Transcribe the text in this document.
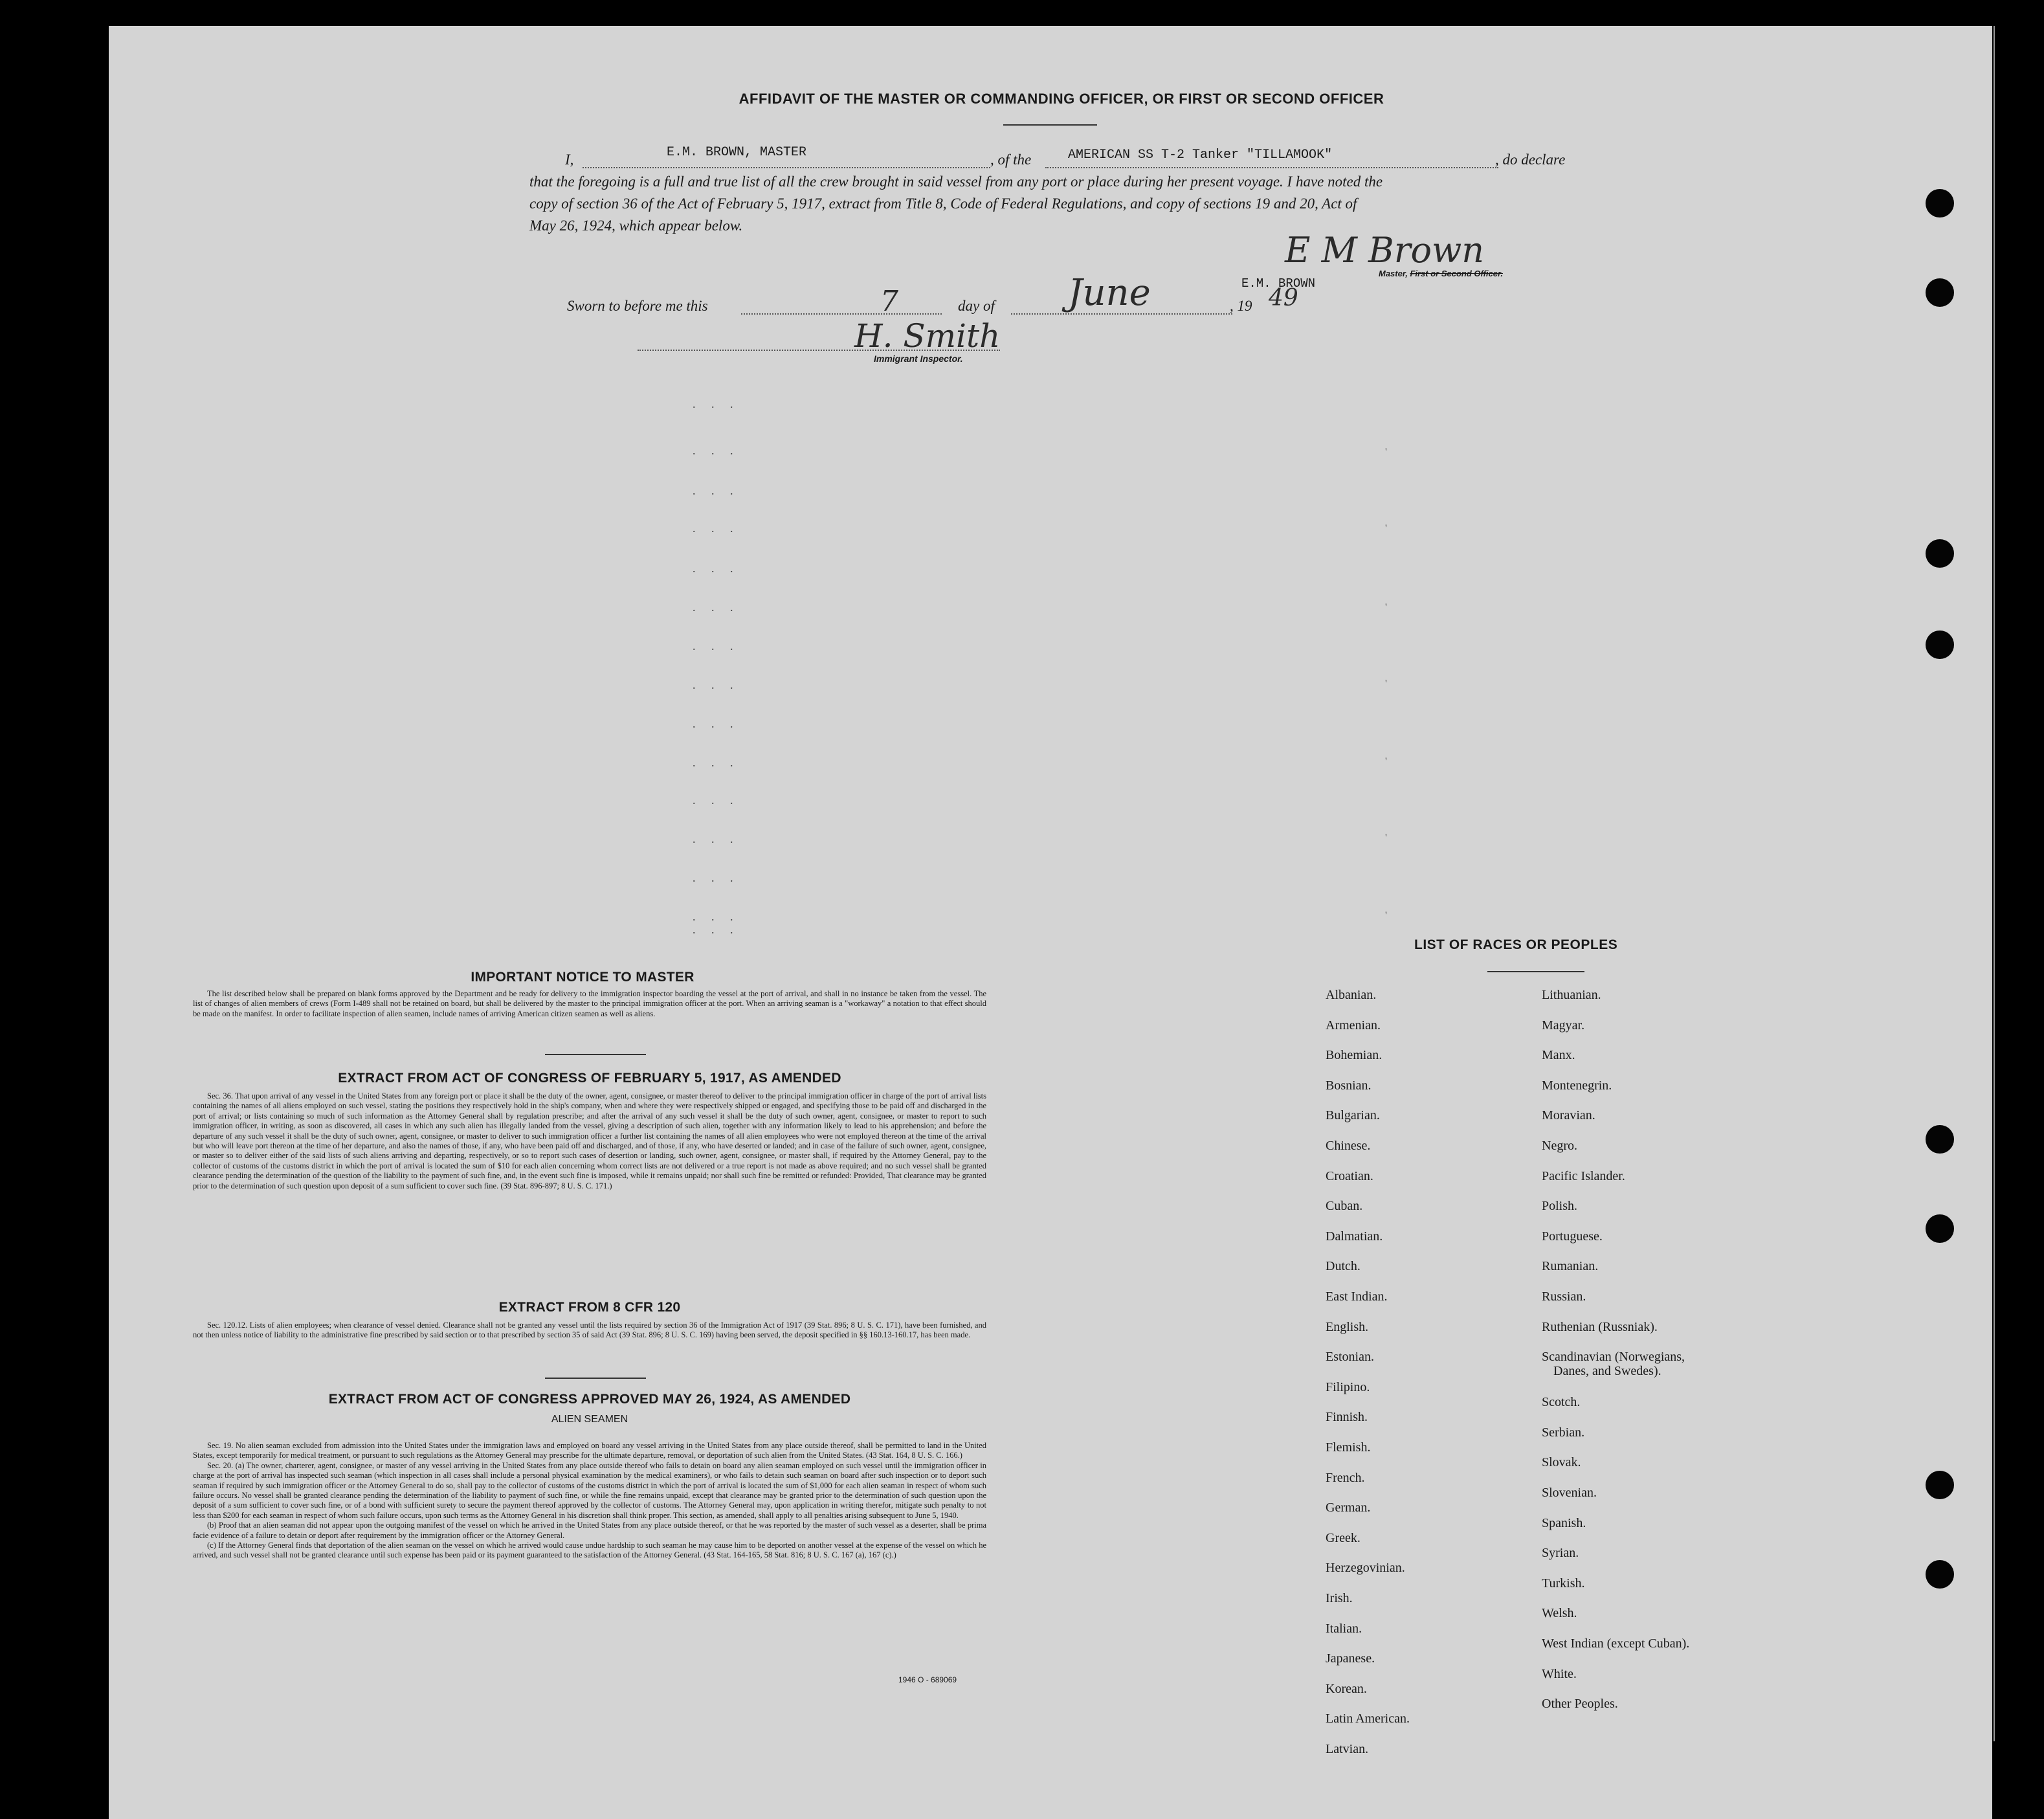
AFFIDAVIT OF THE MASTER OR COMMANDING OFFICER, OR FIRST OR SECOND OFFICER
I,	E.M. BROWN, MASTER	, of the	AMERICAN SS T-2 Tanker "TILLAMOOK"	, do declare
that the foregoing is a full and true list of all the crew brought in said vessel from any port or place during her present voyage. I have noted the
copy of section 36 of the Act of February 5, 1917, extract from Title 8, Code of Federal Regulations, and copy of sections 19 and 20, Act of
May 26, 1924, which appear below.
E M Brown
Master, First or Second Officer.
E.M. BROWN
Sworn to before me this	7	day of June	, 19 49
H. Smith
Immigrant Inspector.
. . .
. . .
. . .
. . .
. . .
. . .
. . .
. . .
. . .
. . .
. . .
. . .
. . .
. . .
. . .
'
'
'
'
'
'
'
IMPORTANT NOTICE TO MASTER

The list described below shall be prepared on blank forms approved by the Department and be ready for delivery to the immigration inspector boarding the vessel at the port of arrival, and shall in no instance be taken from the vessel. The list of changes of alien members of crews (Form I-489 shall not be retained on board, but shall be delivered by the master to the principal immigration officer at the port. When an arriving seaman is a "workaway" a notation to that effect should be made on the manifest. In order to facilitate inspection of alien seamen, include names of arriving American citizen seamen as well as aliens.

EXTRACT FROM ACT OF CONGRESS OF FEBRUARY 5, 1917, AS AMENDED

Sec. 36. That upon arrival of any vessel in the United States from any foreign port or place it shall be the duty of the owner, agent, consignee, or master thereof to deliver to the principal immigration officer in charge of the port of arrival lists containing the names of all aliens employed on such vessel, stating the positions they respectively hold in the ship's company, when and where they were respectively shipped or engaged, and specifying those to be paid off and discharged in the port of arrival; or lists containing so much of such information as the Attorney General shall by regulation prescribe; and after the arrival of any such vessel it shall be the duty of such owner, agent, consignee, or master to report to such immigration officer, in writing, as soon as discovered, all cases in which any such alien has illegally landed from the vessel, giving a description of such alien, together with any information likely to lead to his apprehension; and before the departure of any such vessel it shall be the duty of such owner, agent, consignee, or master to deliver to such immigration officer a further list containing the names of all alien employees who were not employed thereon at the time of the arrival but who will leave port thereon at the time of her departure, and also the names of those, if any, who have been paid off and discharged, and of those, if any, who have deserted or landed; and in case of the failure of such owner, agent, consignee, or master so to deliver either of the said lists of such aliens arriving and departing, respectively, or so to report such cases of desertion or landing, such owner, agent, consignee, or master shall, if required by the Attorney General, pay to the collector of customs of the customs district in which the port of arrival is located the sum of $10 for each alien concerning whom correct lists are not delivered or a true report is not made as above required; and no such vessel shall be granted clearance pending the determination of the question of the liability to the payment of such fine, and, in the event such fine is imposed, while it remains unpaid; nor shall such fine be remitted or refunded: Provided, That clearance may be granted prior to the determination of such question upon deposit of a sum sufficient to cover such fine. (39 Stat. 896-897; 8 U. S. C. 171.)

EXTRACT FROM 8 CFR 120

Sec. 120.12. Lists of alien employees; when clearance of vessel denied. Clearance shall not be granted any vessel until the lists required by section 36 of the Immigration Act of 1917 (39 Stat. 896; 8 U. S. C. 171), have been furnished, and not then unless notice of liability to the administrative fine prescribed by said section or to that prescribed by section 35 of said Act (39 Stat. 896; 8 U. S. C. 169) having been served, the deposit specified in §§ 160.13-160.17, has been made.

EXTRACT FROM ACT OF CONGRESS APPROVED MAY 26, 1924, AS AMENDED
ALIEN SEAMEN

Sec. 19. No alien seaman excluded from admission into the United States under the immigration laws and employed on board any vessel arriving in the United States from any place outside thereof, shall be permitted to land in the United States, except temporarily for medical treatment, or pursuant to such regulations as the Attorney General may prescribe for the ultimate departure, removal, or deportation of such alien from the United States. (43 Stat. 164, 8 U. S. C. 166.)

Sec. 20. (a) The owner, charterer, agent, consignee, or master of any vessel arriving in the United States from any place outside thereof who fails to detain on board any alien seaman employed on such vessel until the immigration officer in charge at the port of arrival has inspected such seaman (which inspection in all cases shall include a personal physical examination by the medical examiners), or who fails to detain such seaman on board after such inspection or to deport such seaman if required by such immigration officer or the Attorney General to do so, shall pay to the collector of customs of the customs district in which the port of arrival is located the sum of $1,000 for each alien seaman in respect of whom such failure occurs. No vessel shall be granted clearance pending the determination of the liability to payment of such fine, or while the fine remains unpaid, except that clearance may be granted prior to the determination of such question upon the deposit of a sum sufficient to cover such fine, or of a bond with sufficient surety to secure the payment thereof approved by the collector of customs. The Attorney General may, upon application in writing therefor, mitigate such penalty to not less than $200 for each seaman in respect of whom such failure occurs, upon such terms as the Attorney General in his discretion shall think proper. This section, as amended, shall apply to all penalties arising subsequent to June 5, 1940.

(b) Proof that an alien seaman did not appear upon the outgoing manifest of the vessel on which he arrived in the United States from any place outside thereof, or that he was reported by the master of such vessel as a deserter, shall be prima facie evidence of a failure to detain or deport after requirement by the immigration officer or the Attorney General.

(c) If the Attorney General finds that deportation of the alien seaman on the vessel on which he arrived would cause undue hardship to such seaman he may cause him to be deported on another vessel at the expense of the vessel on which he arrived, and such vessel shall not be granted clearance until such expense has been paid or its payment guaranteed to the satisfaction of the Attorney General. (43 Stat. 164-165, 58 Stat. 816; 8 U. S. C. 167 (a), 167 (c).)

1946 O - 689069
LIST OF RACES OR PEOPLES
Albanian.
Armenian.
Bohemian.
Bosnian.
Bulgarian.
Chinese.
Croatian.
Cuban.
Dalmatian.
Dutch.
East Indian.
English.
Estonian.
Filipino.
Finnish.
Flemish.
French.
German.
Greek.
Herzegovinian.
Irish.
Italian.
Japanese.
Korean.
Latin American.
Latvian.
Lithuanian.
Magyar.
Manx.
Montenegrin.
Moravian.
Negro.
Pacific Islander.
Polish.
Portuguese.
Rumanian.
Russian.
Ruthenian (Russniak).
Scandinavian (Norwegians,
Danes, and Swedes).
Scotch.
Serbian.
Slovak.
Slovenian.
Spanish.
Syrian.
Turkish.
Welsh.
West Indian (except Cuban).
White.
Other Peoples.
